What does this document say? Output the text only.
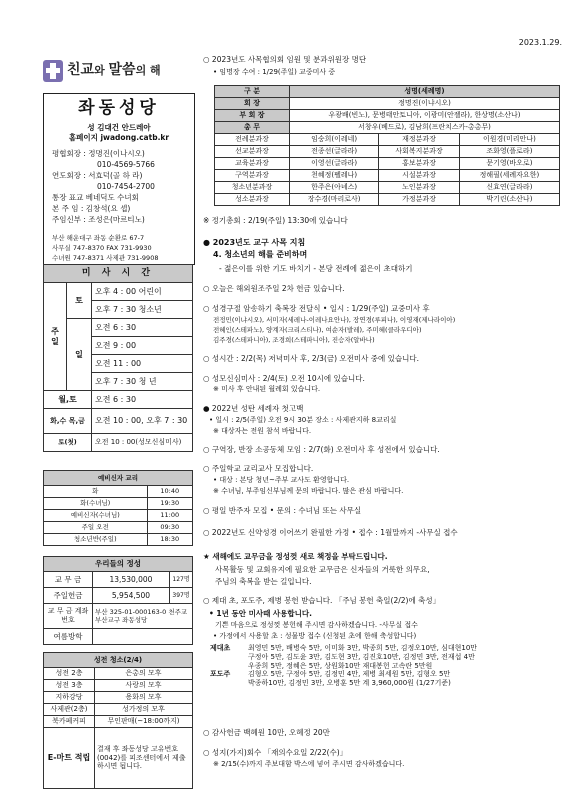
2023.1.29.
친교와 말씀의 해
좌동성당
성 김대건 안드레아
홈페이지 jwadong.catb.kr
평협회장 : 정명진(이나시오)
010-4569-5766
연도회장 : 서효덕(골 하 라)
010-7454-2700
통장 표교 베네딕도 수녀회
본 주 임 : 김창석(요 셉)
주임신부 : 조성은(마르티노)
부산 해운대구 좌동 순환로 67-7
사무실 747-8370 FAX 731-9930
수녀원 747-8371 사제관 731-9908
미 사 시 간		
주 일	토	오후 4 : 00 어린이
		오후 7 : 30 청소년
	일	오전 6 : 30
		오전 9 : 00
		오전 11 : 00
		오후 7 : 30 청 년
월,토		오전 6 : 30
화,수 목,금		오전 10 : 00, 오후 7 : 30
토(첫)		오전 10 : 00(성모신심미사)
예비신자 교리	
화	10:40
화(수녀님)	19:30
예비신자(수녀님)	11:00
주일 오전	09:30
청소년반(주일)	18:30
우리들의 정성		
교 무 금	13,530,000	127명
주일헌금	5,954,500	397명
교 무 금 계좌번호	부산 325-01-000163-0 천주교부산교구 좌동성당	
여름방학		
성전 청소(2/4)	
성전 2층	은총의 모후
성전 3층	사랑의 모후
지하강당	용화의 모후
사제관(2층)	성가정의 모후
북카페커피	무인판매(~18:00까지)
E-마트 적립	결재 후 좌동성당 고유번호(0042)를 피조센터에서 제출하시면 됩니다.
○ 2023년도 사목협의회 임원 및 분과위원장 명단
• 임명장 수여 : 1/29(주일) 교중미사 중
구 분	성명(세례명)		
회 장	정명진(이냐시오)		
부 회 장	우광배(빈노), 문병태안토니아, 이광미(안젤라), 한상명(소산나)		
총 무	서창우(베드로), 김남희(프란치스카-총총무)		
전례분과장	임숭희(이레네)	재정분과장	이원경(미리안나)
선교분과장	전종선(글라라)	사회복지분과장	조화영(플로라)
교육분과장	이영선(글라라)	홍보분과장	문기영(바오로)
구역분과장	천혜정(펠레나)	시설분과장	정해필(세례자요한)
청소년분과장	한주은(아녜스)	노인분과장	신효연(글라라)
성소분과장	장수경(마리로사)	가정분과장	박기린(소산나)
※ 정기총회 : 2/19(주일) 13:30에 있습니다
● 2023년도 교구 사목 지침
4. 청소년의 해를 준비하며
- 젊은이를 위한 기도 바치기 - 본당 전례에 젊은이 초대하기
○ 오늘은 해외원조주일 2차 헌금 있습니다.
○ 성경구절 암송하기 축복장 전달식 • 일시 : 1/29(주일) 교중미사 후
전정민(이냐시오), 서미자(세레나-이레나요안나), 장연경(루피나), 이영재(제나라이아)
전혜인(스테파노), 양계자(크리스티나), 여순자(발레), 주미혜(클라우디아)
김주경(스테파니아), 조경희(스테파니아), 진승자(알바나)
○ 성시간 : 2/2(목) 저녁미사 후, 2/3(금) 오전미사 중에 있습니다.
○ 성모신심미사 : 2/4(토) 오전 10시에 있습니다.
※ 미사 후 안내된 월례회 있습니다.
● 2022년 성탄 세례자 첫고백
• 일시 : 2/5(주일) 오전 9시 30분 장소 : 사제관지하 8교리실
※ 대상자는 전원 참석 바랍니다.
○ 구역장, 반장 소공동체 모임 : 2/7(화) 오전미사 후 성전에서 있습니다.
○ 주일학교 교리교사 모집합니다.
• 대상 : 본당 청년~주부 교사도 환영합니다.
※ 수녀님, 부주임신부님께 문의 바랍니다. 많은 관심 바랍니다.
○ 평일 반주자 모집 • 문의 : 수녀님 또는 사무실
○ 2022년도 신약성경 이어쓰기 완필한 가정 • 접수 : 1월말까지 -사무실 접수
★ 새해에도 교무금을 정성껏 새로 책정을 부탁드립니다.
사목활동 및 교회유지에 필요한 교무금은 신자들의 거룩한 의무요,
주님의 축복을 받는 길입니다.
○ 제대 초, 포도주, 제병 봉헌 받습니다. 「주님 봉헌 축일(2/2)에 축성」
• 1년 동안 미사때 사용합니다.
기쁜 마음으로 정성껏 봉헌해 주시면 감사하겠습니다. -사무실 접수
• 가정에서 사용할 초 : 성물방 접수 (신청된 초에 한해 축성합니다)
제대초	최영민 5만, 배병숙 5만, 이미화 3만, 박종희 5만, 김정오10만, 심대현10만
	구정아 5만, 김도윤 3만, 김도현 3만, 김진호10만, 김정민 3만, 전재섭 4만
	우종희 5만, 정혜은 5만, 상원화10만 재대봉헌 고속란 5만원
포도주	김형오 5만, 구정아 5만, 김정민 4만, 제병 최세원 5만, 김형오 5만
	박종하10만, 김정민 3만, 오병훈 5만 계 3,960,000원 (1/27기준)
○ 감사헌금 백혜원 10만, 오혜정 20만
○ 성지(가지)회수 「재의수요일 2/22(수)」
※ 2/15(수)까지 주보대함 박스에 넣어 주시면 감사하겠습니다.
